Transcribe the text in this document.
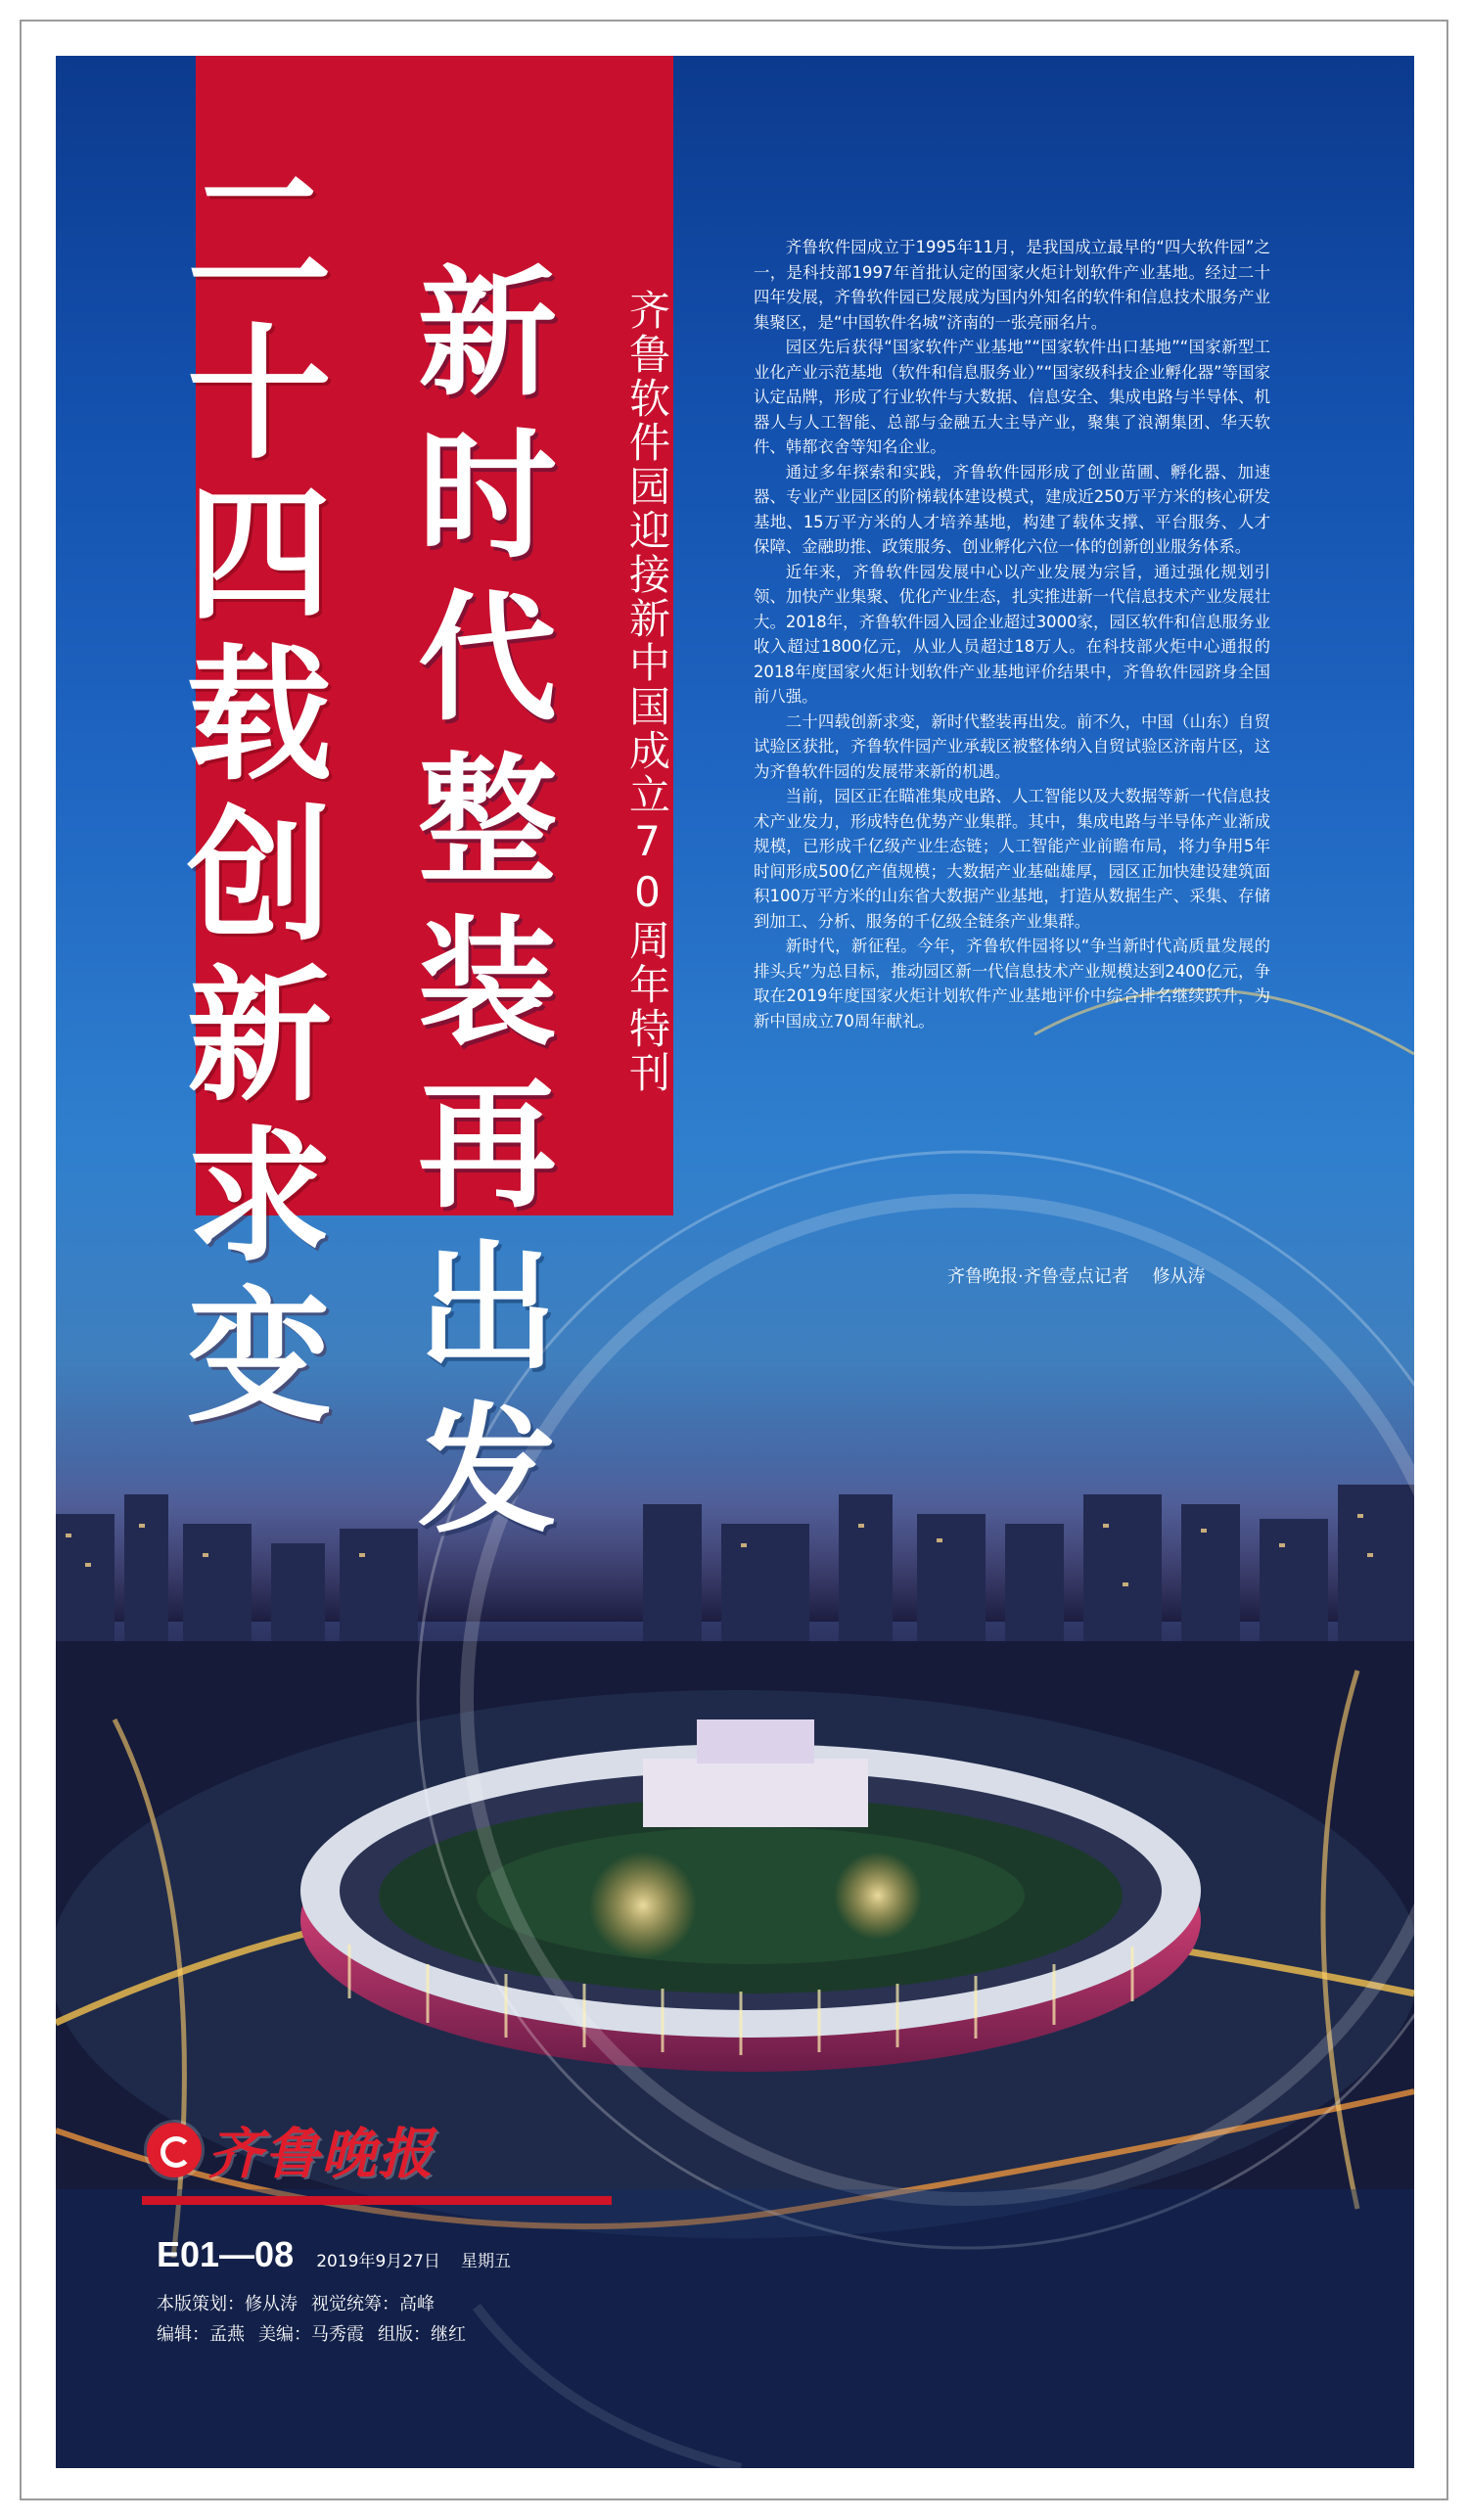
二十四载创新求变 新时代整装再出发 齐鲁软件园迎接新中国成立70周年特刊

齐鲁软件园成立于1995年11月，是我国成立最早的“四大软件园”之一，是科技部1997年首批认定的国家火炬计划软件产业基地。经过二十四年发展，齐鲁软件园已发展成为国内外知名的软件和信息技术服务产业集聚区，是“中国软件名城”济南的一张亮丽名片。

园区先后获得“国家软件产业基地”“国家软件出口基地”“国家新型工业化产业示范基地（软件和信息服务业）”“国家级科技企业孵化器”等国家认定品牌，形成了行业软件与大数据、信息安全、集成电路与半导体、机器人与人工智能、总部与金融五大主导产业，聚集了浪潮集团、华天软件、韩都衣舍等知名企业。

通过多年探索和实践，齐鲁软件园形成了创业苗圃、孵化器、加速器、专业产业园区的阶梯载体建设模式，建成近250万平方米的核心研发基地、15万平方米的人才培养基地，构建了载体支撑、平台服务、人才保障、金融助推、政策服务、创业孵化六位一体的创新创业服务体系。

近年来，齐鲁软件园发展中心以产业发展为宗旨，通过强化规划引领、加快产业集聚、优化产业生态，扎实推进新一代信息技术产业发展壮大。2018年，齐鲁软件园入园企业超过3000家，园区软件和信息服务业收入超过1800亿元，从业人员超过18万人。在科技部火炬中心通报的2018年度国家火炬计划软件产业基地评价结果中，齐鲁软件园跻身全国前八强。

二十四载创新求变，新时代整装再出发。前不久，中国（山东）自贸试验区获批，齐鲁软件园产业承载区被整体纳入自贸试验区济南片区，这为齐鲁软件园的发展带来新的机遇。

当前，园区正在瞄准集成电路、人工智能以及大数据等新一代信息技术产业发力，形成特色优势产业集群。其中，集成电路与半导体产业渐成规模，已形成千亿级产业生态链；人工智能产业前瞻布局，将力争用5年时间形成500亿产值规模；大数据产业基础雄厚，园区正加快建设建筑面积100万平方米的山东省大数据产业基地，打造从数据生产、采集、存储到加工、分析、服务的千亿级全链条产业集群。

新时代，新征程。今年，齐鲁软件园将以“争当新时代高质量发展的排头兵”为总目标，推动园区新一代信息技术产业规模达到2400亿元，争取在2019年度国家火炬计划软件产业基地评价中综合排名继续跃升，为新中国成立70周年献礼。

齐鲁晚报·齐鲁壹点记者 修从涛
齐鲁晚报
E01—08 2019年9月27日 星期五
本版策划：修从涛 视觉统筹：高峰
编辑：孟燕 美编：马秀霞 组版：继红
